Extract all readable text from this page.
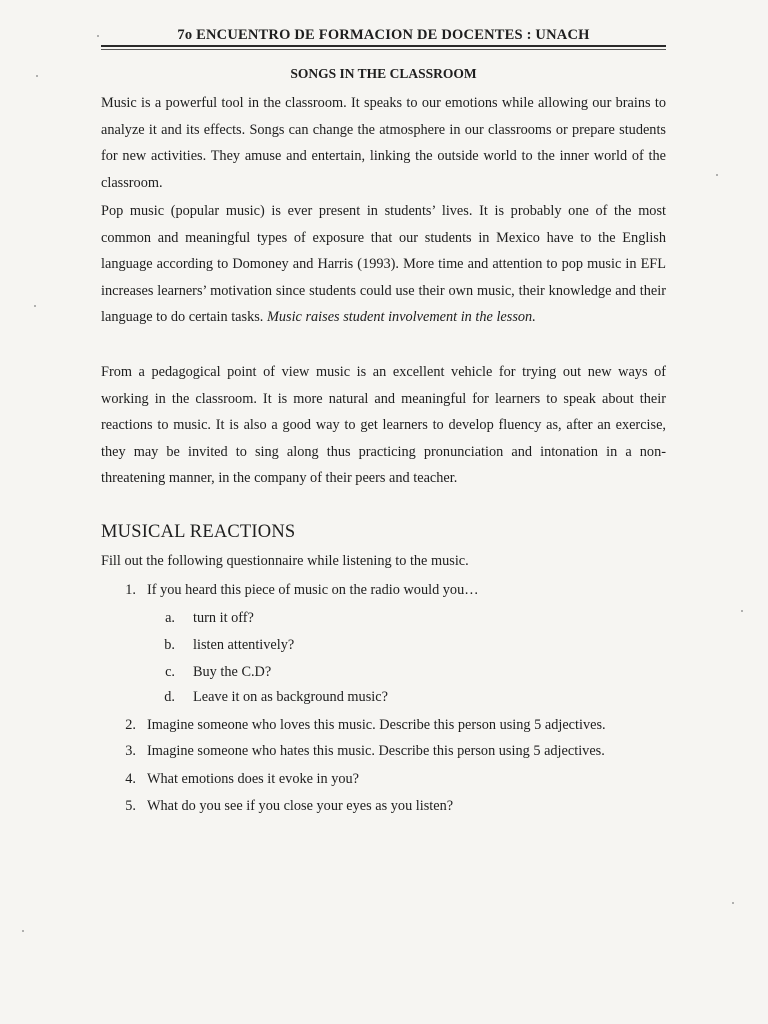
7o ENCUENTRO DE FORMACION DE DOCENTES : UNACH
SONGS IN THE CLASSROOM
Music is a powerful tool in the classroom. It speaks to our emotions while allowing our brains to analyze it and its effects. Songs can change the atmosphere in our classrooms or prepare students for new activities. They amuse and entertain, linking the outside world to the inner world of the classroom.
Pop music (popular music) is ever present in students’ lives. It is probably one of the most common and meaningful types of exposure that our students in Mexico have to the English language according to Domoney and Harris (1993). More time and attention to pop music in EFL increases learners’ motivation since students could use their own music, their knowledge and their language to do certain tasks. Music raises student involvement in the lesson.
From a pedagogical point of view music is an excellent vehicle for trying out new ways of working in the classroom. It is more natural and meaningful for learners to speak about their reactions to music. It is also a good way to get learners to develop fluency as, after an exercise, they may be invited to sing along thus practicing pronunciation and intonation in a non-threatening manner, in the company of their peers and teacher.
MUSICAL REACTIONS
Fill out the following questionnaire while listening to the music.
1. If you heard this piece of music on the radio would you…
a. turn it off?
b. listen attentively?
c. Buy the C.D?
d. Leave it on as background music?
2. Imagine someone who loves this music. Describe this person using 5 adjectives.
3. Imagine someone who hates this music. Describe this person using 5 adjectives.
4. What emotions does it evoke in you?
5. What do you see if you close your eyes as you listen?
